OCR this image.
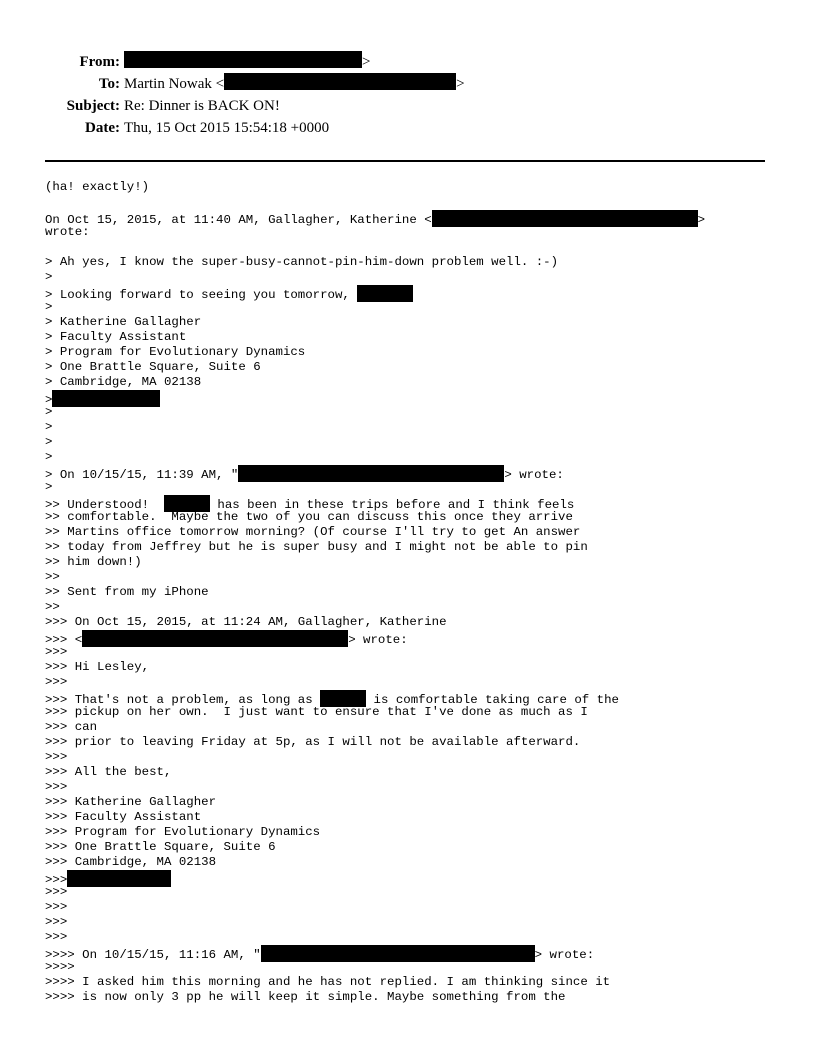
From:	>
To: Martin Nowak <	>
Subject: Re: Dinner is BACK ON!
Date: Thu, 15 Oct 2015 15:54:18 +0000
(ha! exactly!)
On Oct 15, 2015, at 11:40 AM, Gallagher, Katherine <	>
wrote:
> Ah yes, I know the super-busy-cannot-pin-him-down problem well. :-)
>
> Looking forward to seeing you tomorrow,
>
> Katherine Gallagher
> Faculty Assistant
> Program for Evolutionary Dynamics
> One Brattle Square, Suite 6
> Cambridge, MA 02138
>
>
>
>
>
> On 10/15/15, 11:39 AM, "	> wrote:
>
>> Understood!	has been in these trips before and I think feels
>> comfortable.  Maybe the two of you can discuss this once they arrive
>> Martins office tomorrow morning? (Of course I'll try to get An answer
>> today from Jeffrey but he is super busy and I might not be able to pin
>> him down!)
>>
>> Sent from my iPhone
>>
>>> On Oct 15, 2015, at 11:24 AM, Gallagher, Katherine
>>> <	> wrote:
>>>
>>> Hi Lesley,
>>>
>>> That's not a problem, as long as	is comfortable taking care of the
>>> pickup on her own.  I just want to ensure that I've done as much as I
>>> can
>>> prior to leaving Friday at 5p, as I will not be available afterward.
>>>
>>> All the best,
>>>
>>> Katherine Gallagher
>>> Faculty Assistant
>>> Program for Evolutionary Dynamics
>>> One Brattle Square, Suite 6
>>> Cambridge, MA 02138
>>>
>>>
>>>
>>>
>>>
>>>> On 10/15/15, 11:16 AM, "	> wrote:
>>>>
>>>> I asked him this morning and he has not replied. I am thinking since it
>>>> is now only 3 pp he will keep it simple. Maybe something from the
